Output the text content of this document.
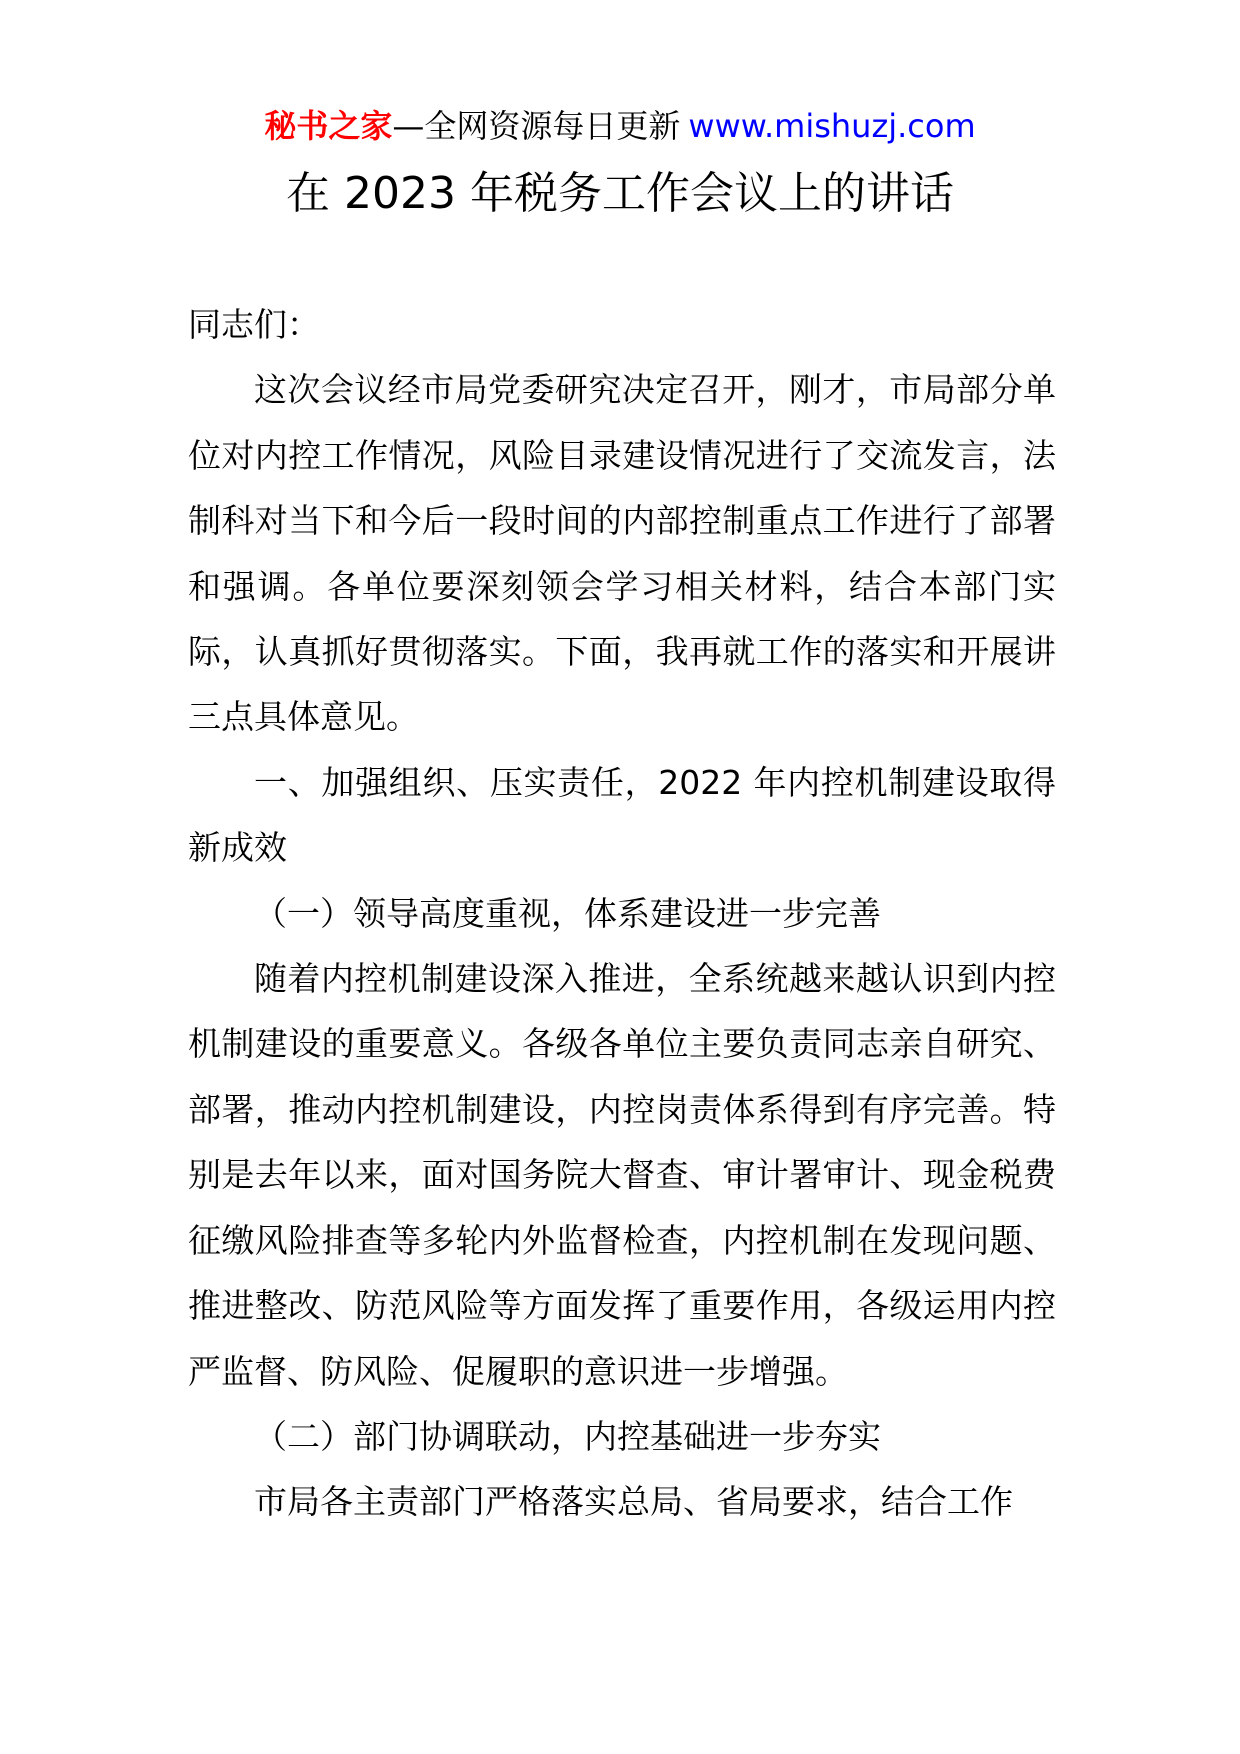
秘书之家—全网资源每日更新 www.mishuzj.com
在 2023 年税务工作会议上的讲话

同志们：

这次会议经市局党委研究决定召开，刚才，市局部分单位对内控工作情况，风险目录建设情况进行了交流发言，法制科对当下和今后一段时间的内部控制重点工作进行了部署和强调。各单位要深刻领会学习相关材料，结合本部门实际，认真抓好贯彻落实。下面，我再就工作的落实和开展讲三点具体意见。

一、加强组织、压实责任，2022 年内控机制建设取得新成效

（一）领导高度重视，体系建设进一步完善

随着内控机制建设深入推进，全系统越来越认识到内控机制建设的重要意义。各级各单位主要负责同志亲自研究、部署，推动内控机制建设，内控岗责体系得到有序完善。特别是去年以来，面对国务院大督查、审计署审计、现金税费征缴风险排查等多轮内外监督检查，内控机制在发现问题、推进整改、防范风险等方面发挥了重要作用，各级运用内控严监督、防风险、促履职的意识进一步增强。

（二）部门协调联动，内控基础进一步夯实

市局各主责部门严格落实总局、省局要求，结合工作
